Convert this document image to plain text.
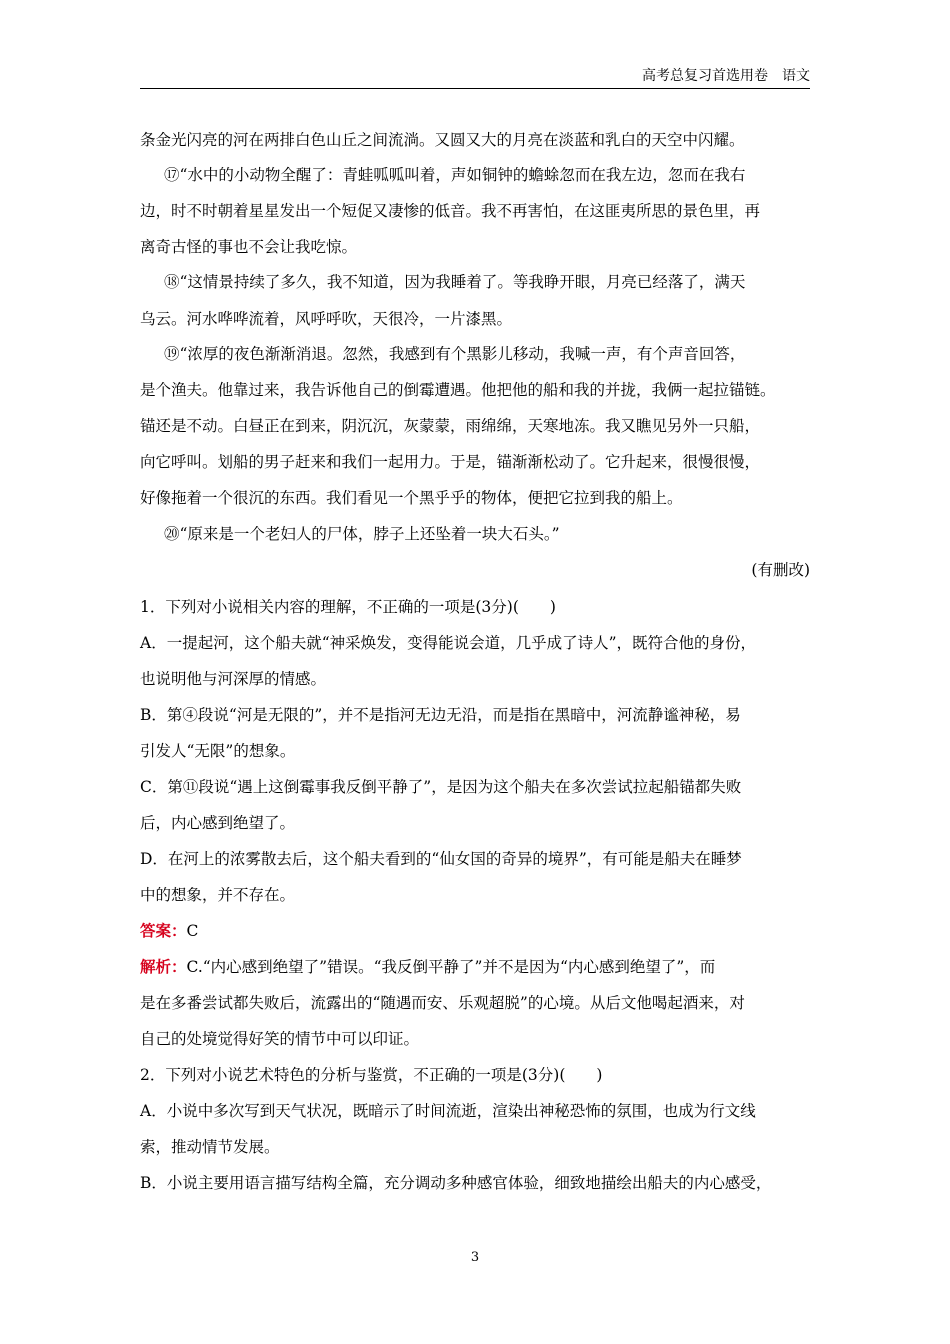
高考总复习首选用卷　语文
条金光闪亮的河在两排白色山丘之间流淌。又圆又大的月亮在淡蓝和乳白的天空中闪耀。
⑰“水中的小动物全醒了：青蛙呱呱叫着，声如铜钟的蟾蜍忽而在我左边，忽而在我右
边，时不时朝着星星发出一个短促又凄惨的低音。我不再害怕，在这匪夷所思的景色里，再
离奇古怪的事也不会让我吃惊。
⑱“这情景持续了多久，我不知道，因为我睡着了。等我睁开眼，月亮已经落了，满天
乌云。河水哗哗流着，风呼呼吹，天很冷，一片漆黑。
⑲“浓厚的夜色渐渐消退。忽然，我感到有个黑影儿移动，我喊一声，有个声音回答，
是个渔夫。他靠过来，我告诉他自己的倒霉遭遇。他把他的船和我的并拢，我俩一起拉锚链。
锚还是不动。白昼正在到来，阴沉沉，灰蒙蒙，雨绵绵，天寒地冻。我又瞧见另外一只船，
向它呼叫。划船的男子赶来和我们一起用力。于是，锚渐渐松动了。它升起来，很慢很慢，
好像拖着一个很沉的东西。我们看见一个黑乎乎的物体，便把它拉到我的船上。
⑳“原来是一个老妇人的尸体，脖子上还坠着一块大石头。”
(有删改)
1．下列对小说相关内容的理解，不正确的一项是(3分)(　　)
A．一提起河，这个船夫就“神采焕发，变得能说会道，几乎成了诗人”，既符合他的身份，
也说明他与河深厚的情感。
B．第④段说“河是无限的”，并不是指河无边无沿，而是指在黑暗中，河流静谧神秘，易
引发人“无限”的想象。
C．第⑪段说“遇上这倒霉事我反倒平静了”，是因为这个船夫在多次尝试拉起船锚都失败
后，内心感到绝望了。
D．在河上的浓雾散去后，这个船夫看到的“仙女国的奇异的境界”，有可能是船夫在睡梦
中的想象，并不存在。
答案：C
解析：C.“内心感到绝望了”错误。“我反倒平静了”并不是因为“内心感到绝望了”，而
是在多番尝试都失败后，流露出的“随遇而安、乐观超脱”的心境。从后文他喝起酒来，对
自己的处境觉得好笑的情节中可以印证。
2．下列对小说艺术特色的分析与鉴赏，不正确的一项是(3分)(　　)
A．小说中多次写到天气状况，既暗示了时间流逝，渲染出神秘恐怖的氛围，也成为行文线
索，推动情节发展。
B．小说主要用语言描写结构全篇，充分调动多种感官体验，细致地描绘出船夫的内心感受，
3
